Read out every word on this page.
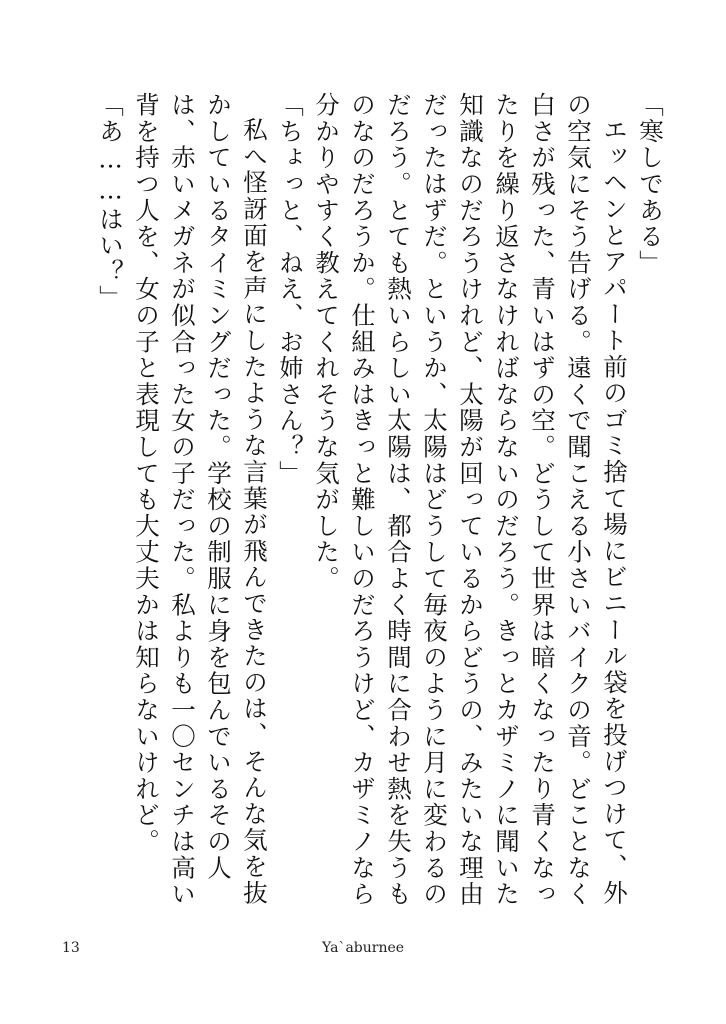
「寒しである」

エッヘンとアパート前のゴミ捨て場にビニール袋を投げつけて、外の空気にそう告げる。遠くで聞こえる小さいバイクの音。どことなく白さが残った、青いはずの空。どうして世界は暗くなったり青くなったりを繰り返さなければならないのだろう。きっとカザミノに聞いた知識なのだろうけれど、太陽が回っているからどうの、みたいな理由だったはずだ。というか、太陽はどうして毎夜のように月に変わるのだろう。とても熱いらしい太陽は、都合よく時間に合わせ熱を失うものなのだろうか。仕組みはきっと難しいのだろうけど、カザミノなら分かりやすく教えてくれそうな気がした。

「ちょっと、ねえ、お姉さん？」

私へ怪訝面を声にしたような言葉が飛んできたのは、そんな気を抜かしているタイミングだった。学校の制服に身を包んでいるその人は、赤いメガネが似合った女の子だった。私よりも一〇センチは高い背を持つ人を、女の子と表現しても大丈夫かは知らないけれど。

「あ……はい？」

13	Ya`aburnee
